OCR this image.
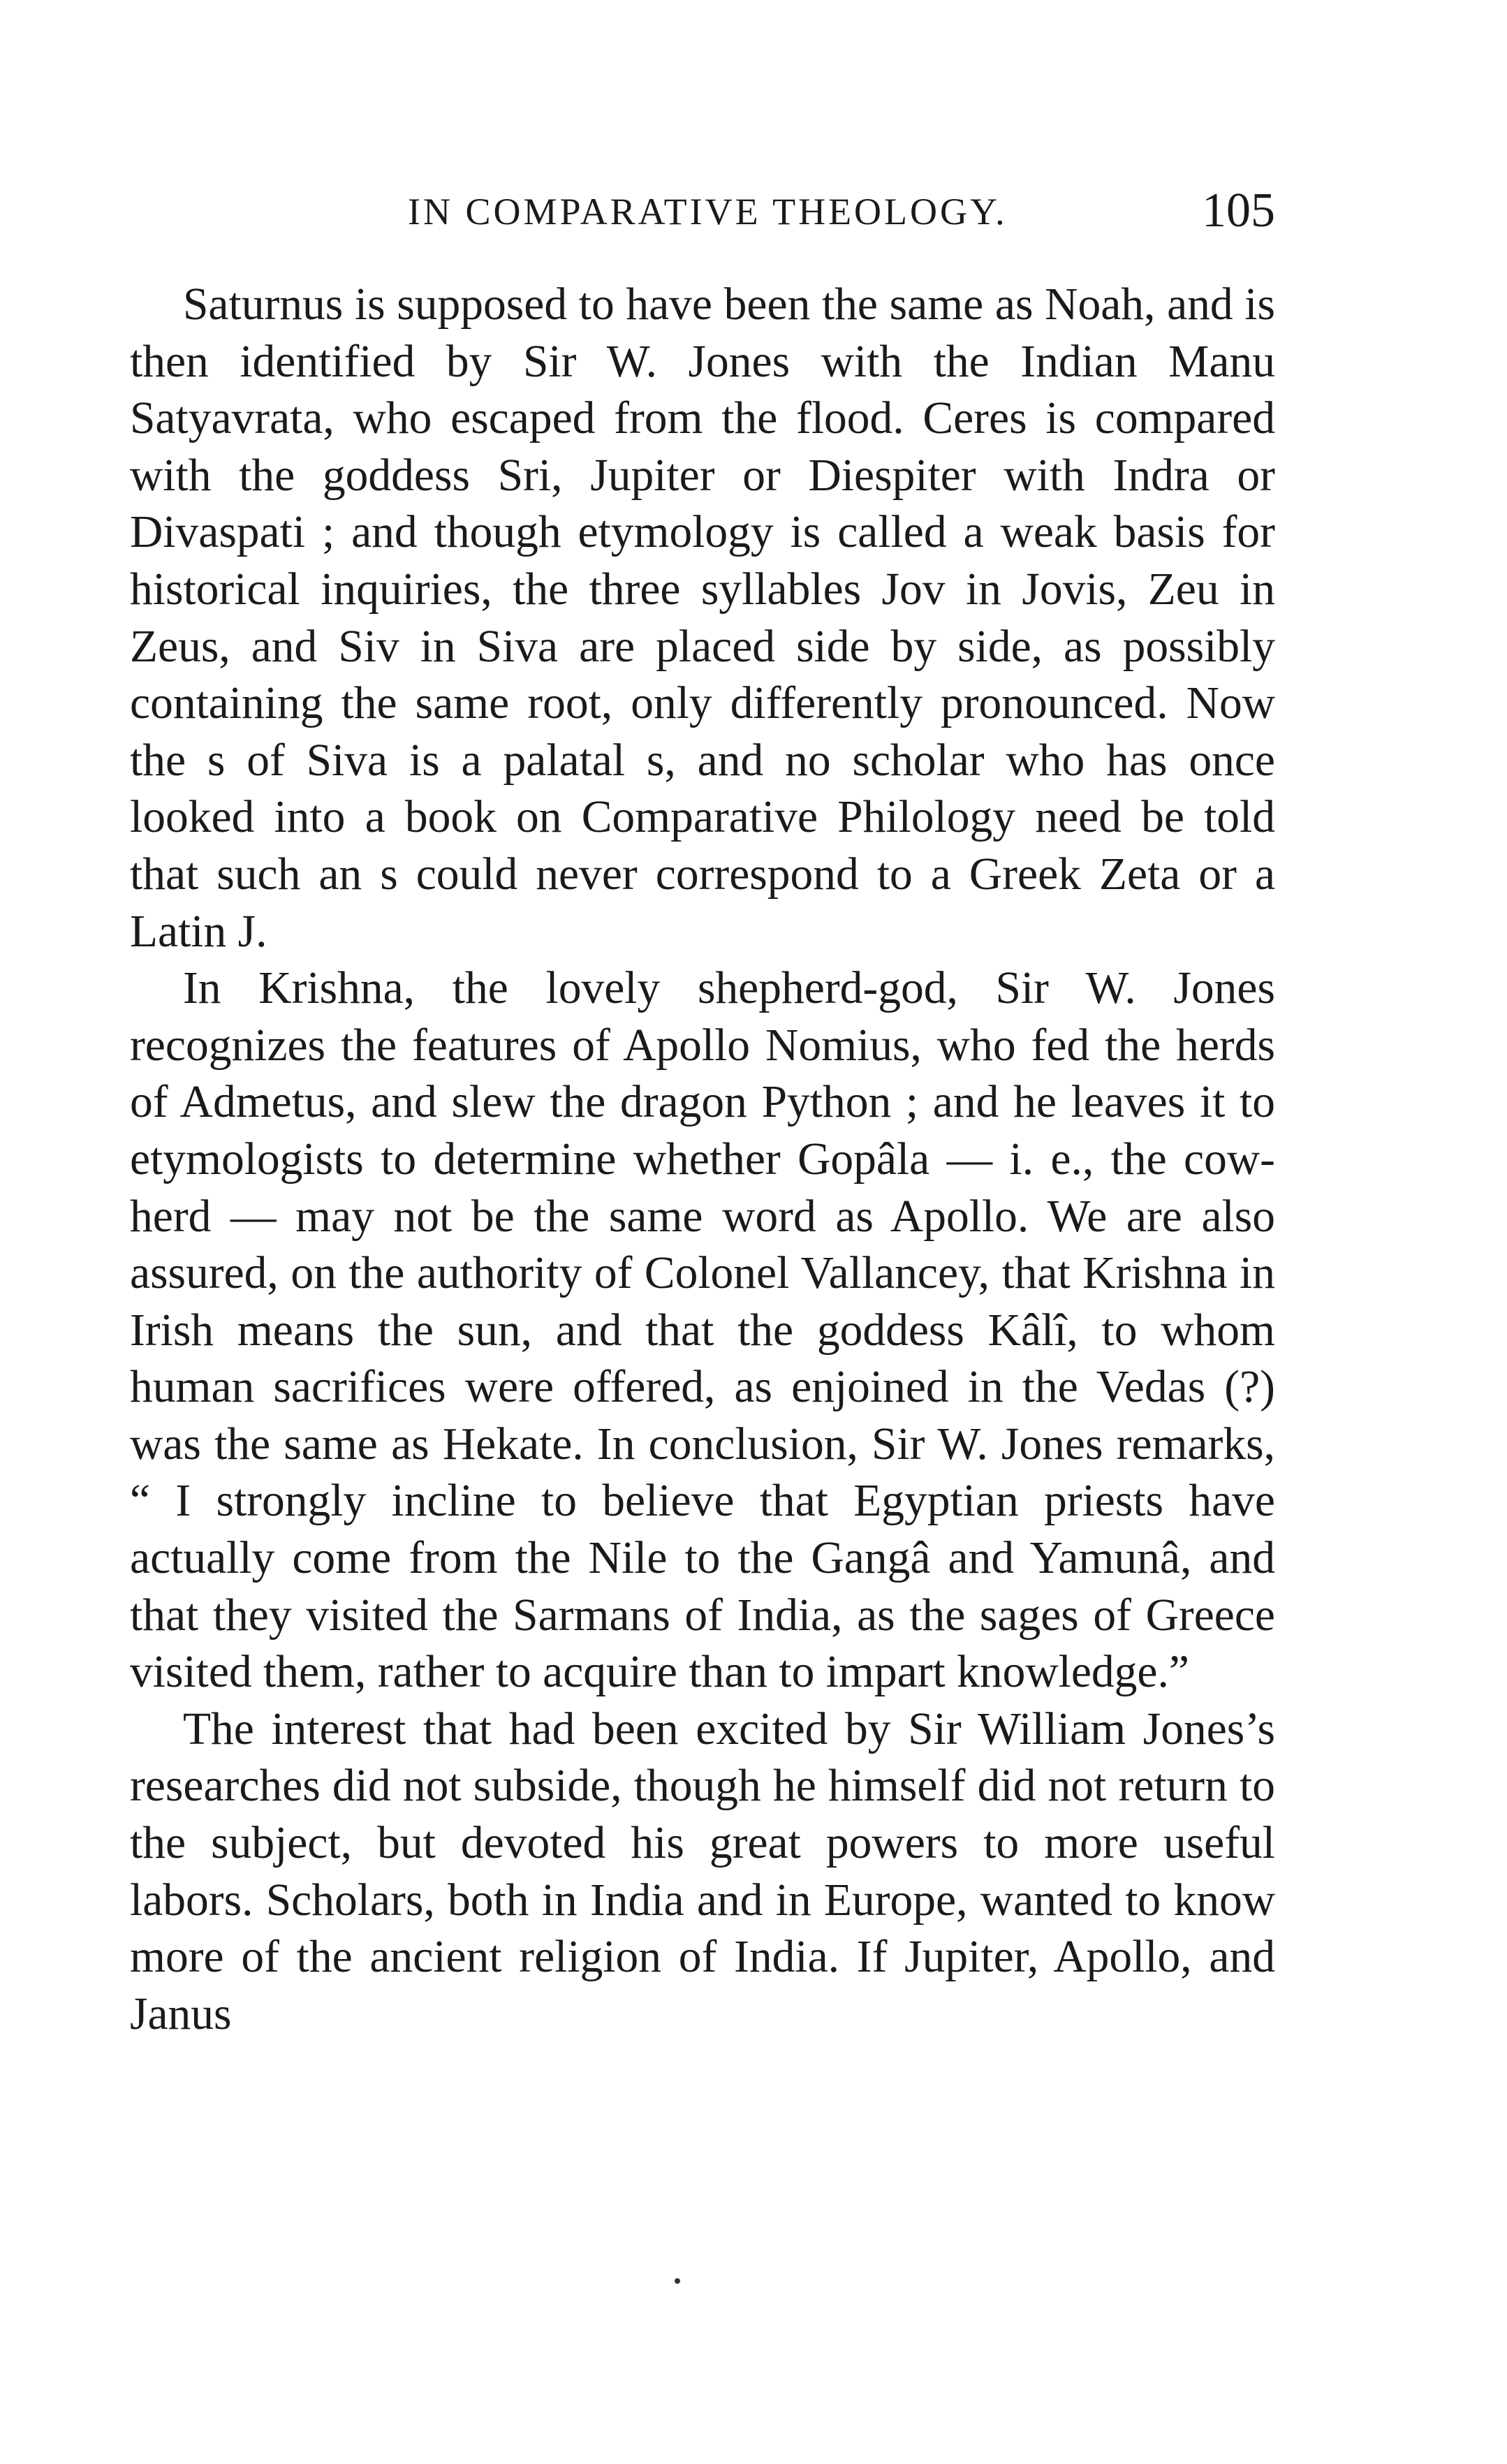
IN COMPARATIVE THEOLOGY.	105

Saturnus is supposed to have been the same as Noah, and is then identified by Sir W. Jones with the Indian Manu Satyavrata, who escaped from the flood. Ceres is compared with the goddess Sri, Jupiter or Diespiter with Indra or Divaspati ; and though etymology is called a weak basis for historical inquiries, the three syllables Jov in Jovis, Zeu in Zeus, and Siv in Siva are placed side by side, as possibly containing the same root, only differently pronounced. Now the s of Siva is a palatal s, and no scholar who has once looked into a book on Comparative Philology need be told that such an s could never correspond to a Greek Zeta or a Latin J.

In Krishna, the lovely shepherd-god, Sir W. Jones recognizes the features of Apollo Nomius, who fed the herds of Admetus, and slew the dragon Python ; and he leaves it to etymologists to determine whether Gopâla — i. e., the cow-herd — may not be the same word as Apollo. We are also assured, on the authority of Colonel Vallancey, that Krishna in Irish means the sun, and that the goddess Kâlî, to whom human sacrifices were offered, as enjoined in the Vedas (?) was the same as Hekate. In conclusion, Sir W. Jones remarks, “ I strongly incline to believe that Egyptian priests have actually come from the Nile to the Gangâ and Yamunâ, and that they visited the Sarmans of India, as the sages of Greece visited them, rather to acquire than to impart knowledge.”

The interest that had been excited by Sir William Jones’s researches did not subside, though he himself did not return to the subject, but devoted his great powers to more useful labors. Scholars, both in India and in Europe, wanted to know more of the ancient religion of India. If Jupiter, Apollo, and Janus
